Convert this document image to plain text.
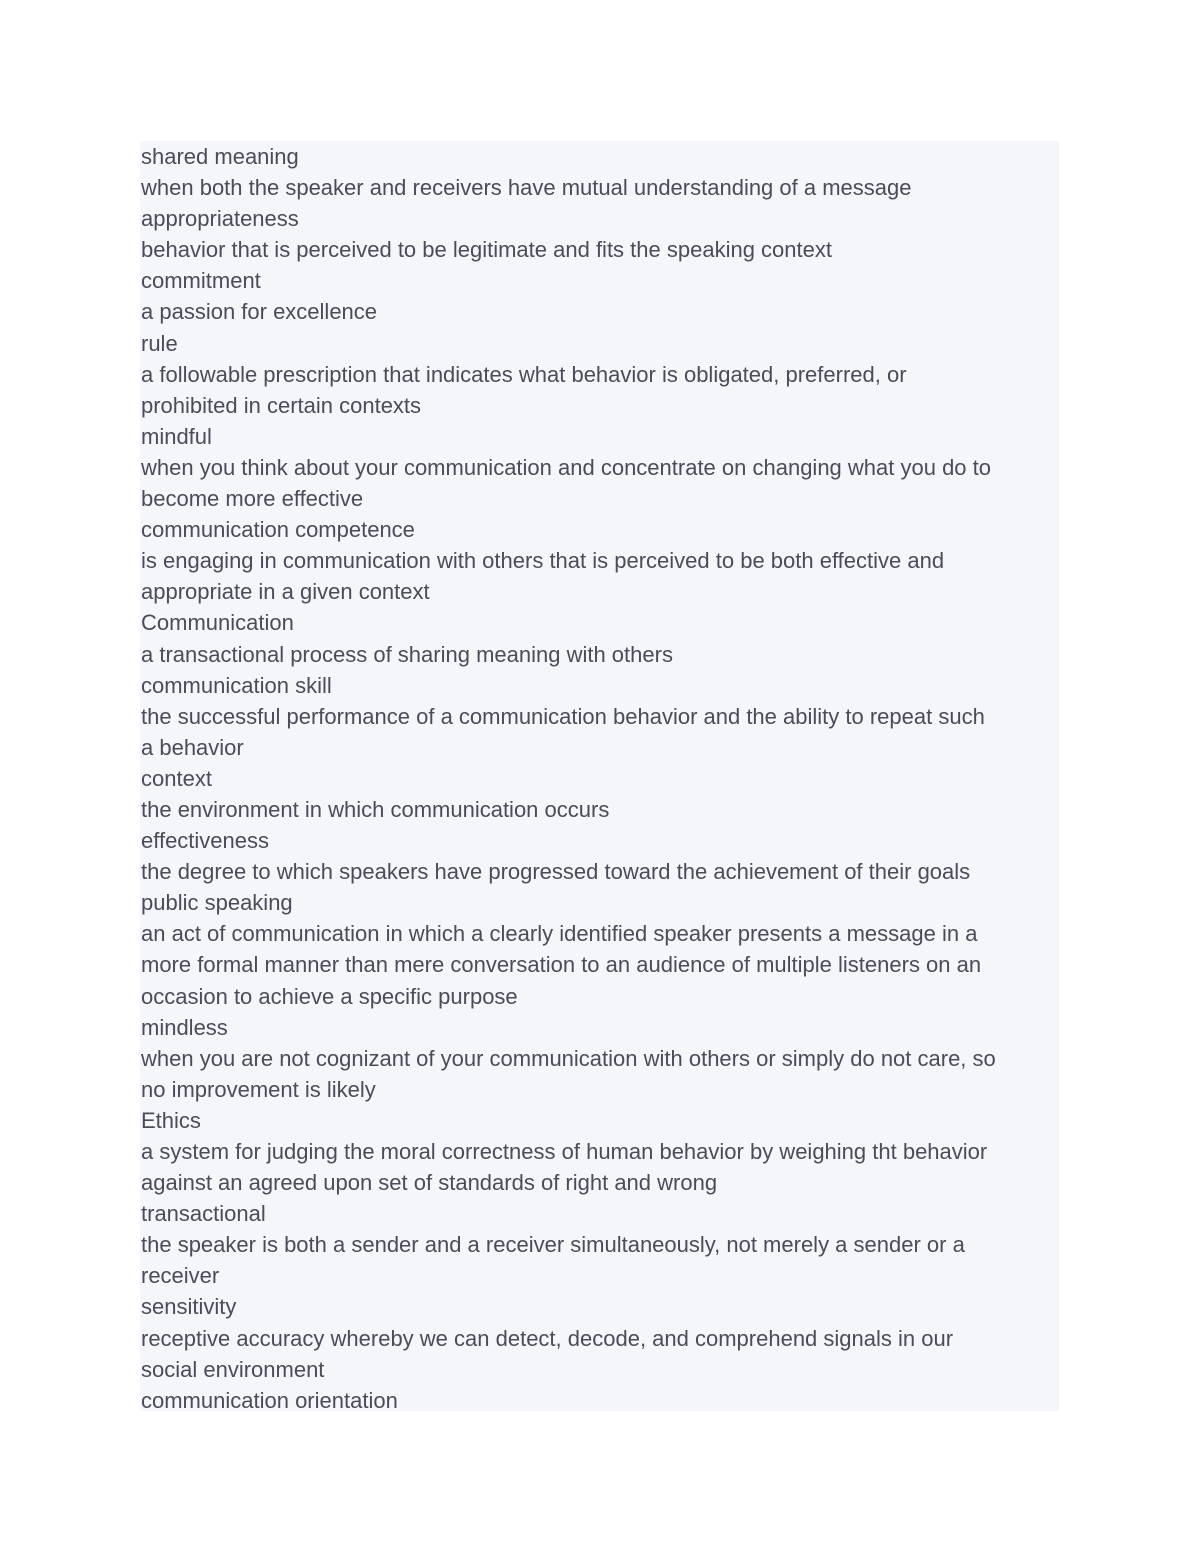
shared meaning
when both the speaker and receivers have mutual understanding of a message
appropriateness
behavior that is perceived to be legitimate and fits the speaking context
commitment
a passion for excellence
rule
a followable prescription that indicates what behavior is obligated, preferred, or
prohibited in certain contexts
mindful
when you think about your communication and concentrate on changing what you do to
become more effective
communication competence
is engaging in communication with others that is perceived to be both effective and
appropriate in a given context
Communication
a transactional process of sharing meaning with others
communication skill
the successful performance of a communication behavior and the ability to repeat such
a behavior
context
the environment in which communication occurs
effectiveness
the degree to which speakers have progressed toward the achievement of their goals
public speaking
an act of communication in which a clearly identified speaker presents a message in a
more formal manner than mere conversation to an audience of multiple listeners on an
occasion to achieve a specific purpose
mindless
when you are not cognizant of your communication with others or simply do not care, so
no improvement is likely
Ethics
a system for judging the moral correctness of human behavior by weighing tht behavior
against an agreed upon set of standards of right and wrong
transactional
the speaker is both a sender and a receiver simultaneously, not merely a sender or a
receiver
sensitivity
receptive accuracy whereby we can detect, decode, and comprehend signals in our
social environment
communication orientation
